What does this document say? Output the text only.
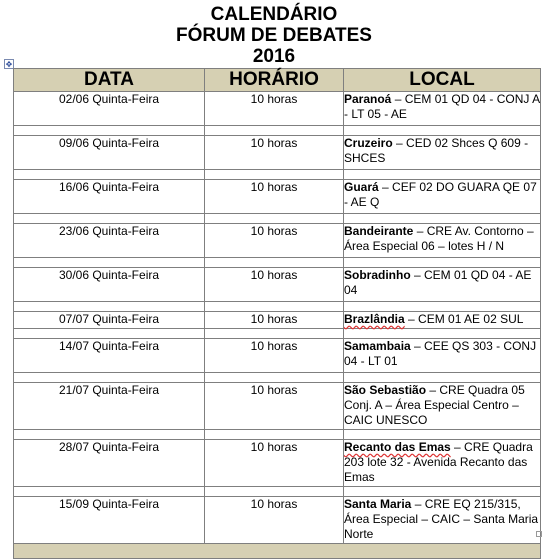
CALENDÁRIO
FÓRUM DE DEBATES
2016
✥
DATA	HORÁRIO	LOCAL
02/06 Quinta-Feira	10 horas	Paranoá – CEM 01 QD 04 - CONJ A - LT 05 - AE

09/06 Quinta-Feira	10 horas	Cruzeiro – CED 02 Shces Q 609 - SHCES

16/06 Quinta-Feira	10 horas	Guará – CEF 02 DO GUARA QE 07 - AE Q

23/06 Quinta-Feira	10 horas	Bandeirante – CRE Av. Contorno – Área Especial 06 – lotes H / N

30/06 Quinta-Feira	10 horas	Sobradinho – CEM 01 QD 04 - AE 04

07/07 Quinta-Feira	10 horas	Brazlândia – CEM 01 AE 02 SUL

14/07 Quinta-Feira	10 horas	Samambaia – CEE QS 303 - CONJ 04 - LT 01

21/07 Quinta-Feira	10 horas	São Sebastião – CRE Quadra 05 Conj. A – Área Especial Centro – CAIC UNESCO

28/07 Quinta-Feira	10 horas	Recanto das Emas – CRE Quadra 203 lote 32 - Avenida Recanto das Emas

15/09 Quinta-Feira	10 horas	Santa Maria – CRE EQ 215/315, Área Especial – CAIC – Santa Maria Norte
